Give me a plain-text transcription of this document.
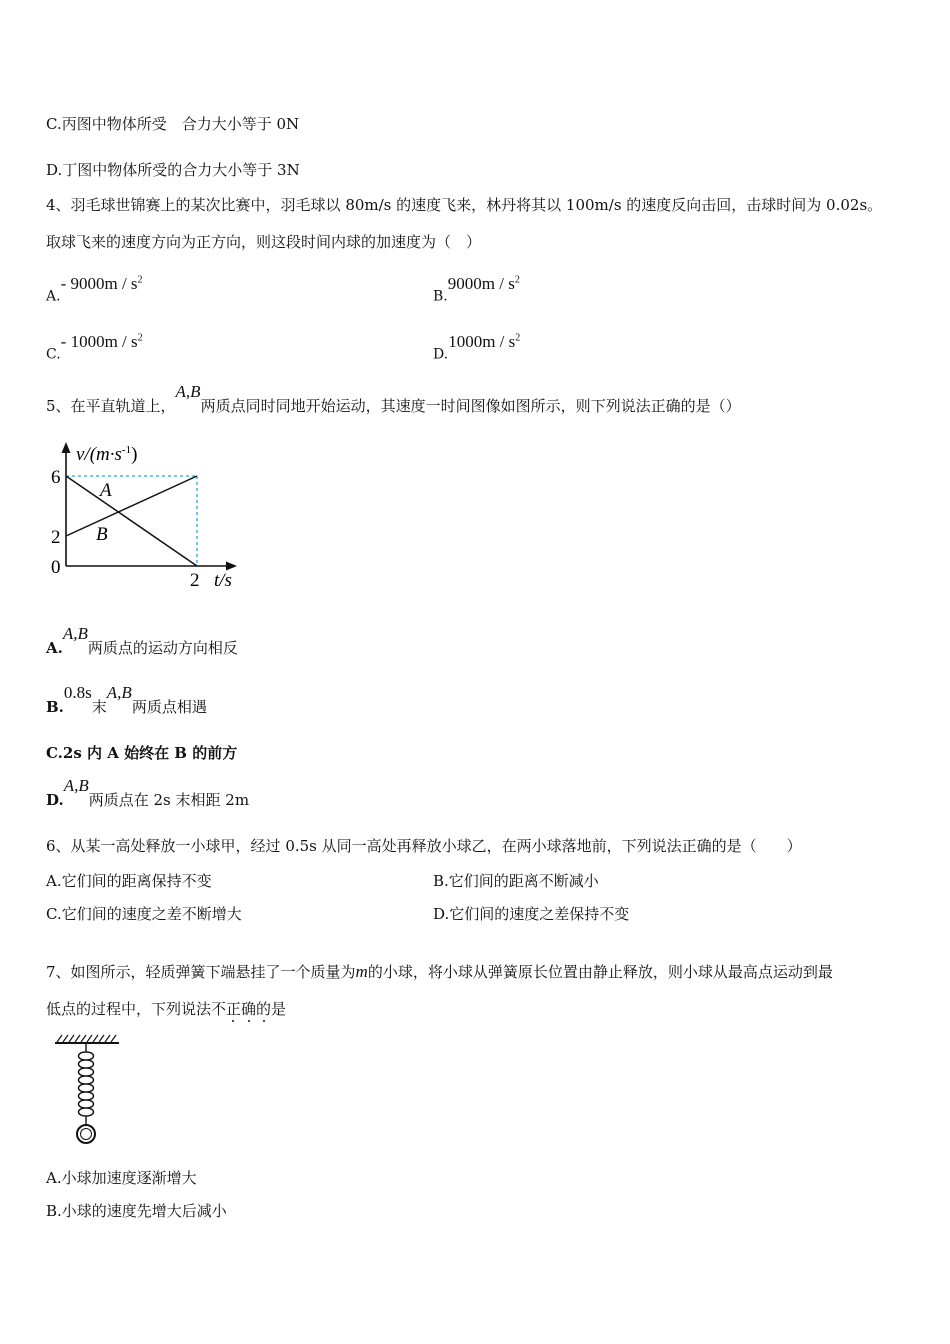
C.丙图中物体所受　合力大小等于 0N
D.丁图中物体所受的合力大小等于 3N
4、羽毛球世锦赛上的某次比赛中，羽毛球以 80m/s 的速度飞来，林丹将其以 100m/s 的速度反向击回，击球时间为 0.02s。
取球飞来的速度方向为正方向，则这段时间内球的加速度为（　）
A.- $9000m / s^2$
$B.9000m / s^2$
C.- $1000m / s^2$
$D.1000m / s^2$
5、在平直轨道上，A,B两质点同时同地开始运动，其速度一时间图像如图所示，则下列说法正确的是（）
6
2
0
2 t/s
A
B
$v/(m\cdot s^{-1})$
A.A,B两质点的运动方向相反
B.0.8s末A,B两质点相遇
C.2s 内 A 始终在 B 的前方
D.A,B两质点在 2s 末相距 2m
6、从某一高处释放一小球甲，经过 0.5s 从同一高处再释放小球乙，在两小球落地前，下列说法正确的是（　　）
A.它们间的距离保持不变	B.它们间的距离不断减小
C.它们间的速度之差不断增大	D.它们间的速度之差保持不变
7、如图所示，轻质弹簧下端悬挂了一个质量为m的小球，将小球从弹簧原长位置由静止释放，则小球从最高点运动到最
低点的过程中，下列说法不正确的是
A.小球加速度逐渐增大
B.小球的速度先增大后减小
